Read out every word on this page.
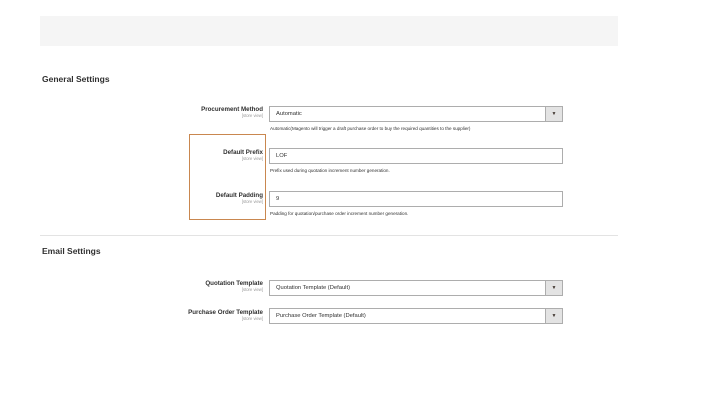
General Settings
Procurement Method
[store view]	Automatic	▼
Automatic(Magento will trigger a draft purchase order to buy the required quantities to the supplier)
Default Prefix
[store view]	LOF
Prefix used during quotation increment number generation.
Default Padding
[store view]	9
Padding for quotation/purchase order increment number generation.
Email Settings
Quotation Template
[store view]	Quotation Template (Default)	▼
Purchase Order Template
[store view]	Purchase Order Template (Default)	▼
